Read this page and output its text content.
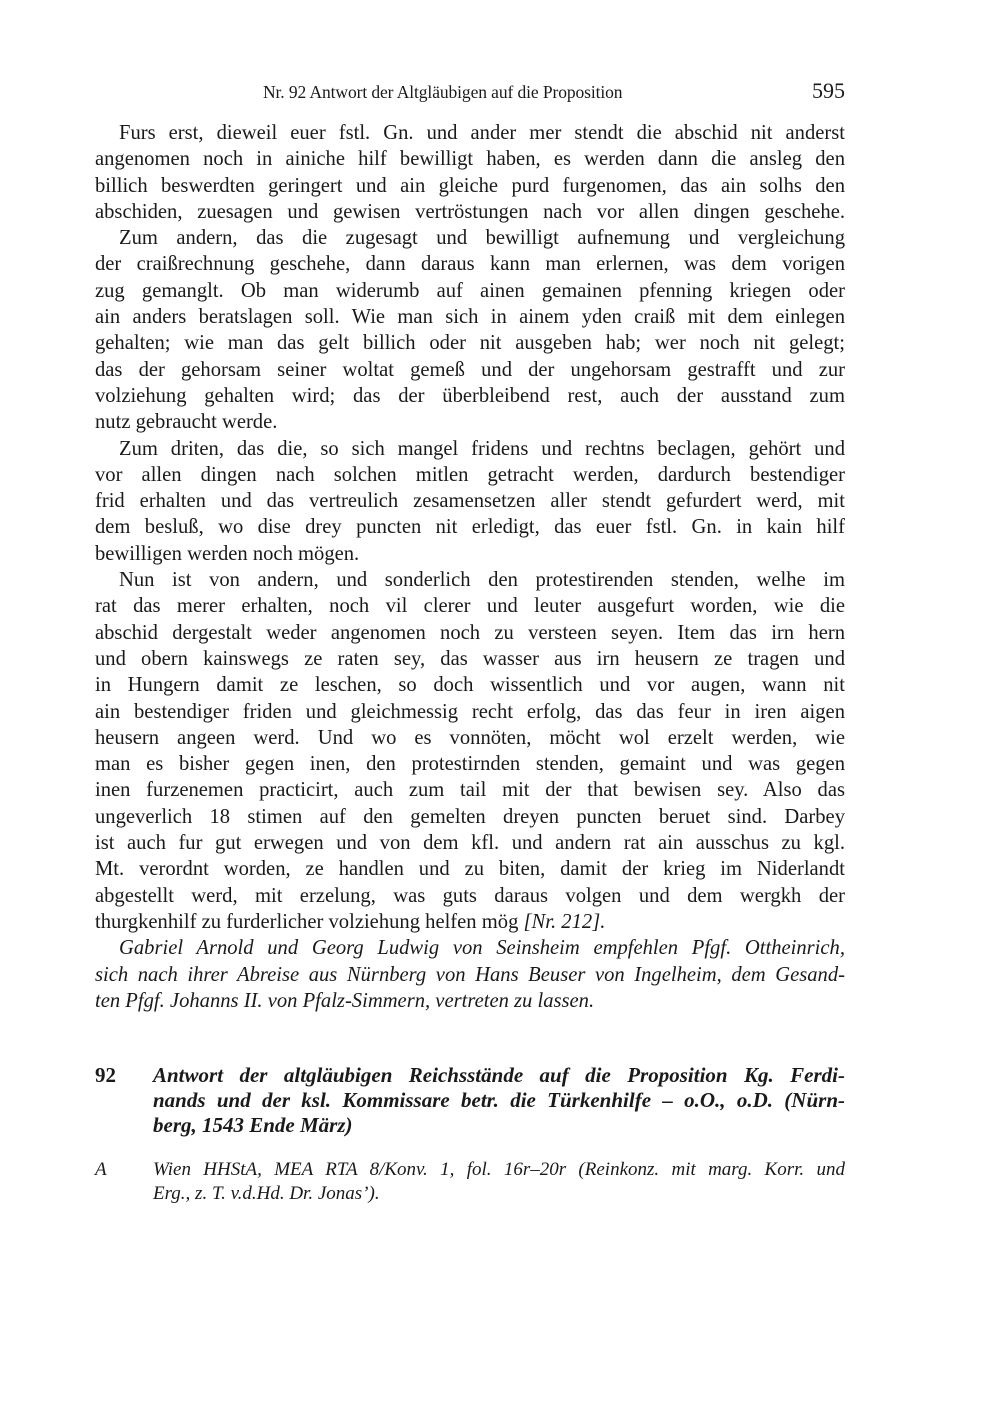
Nr. 92 Antwort der Altgläubigen auf die Proposition	595
Furs erst, dieweil euer fstl. Gn. und ander mer stendt die abschid nit anderst
angenomen noch in ainiche hilf bewilligt haben, es werden dann die ansleg den
billich beswerdten geringert und ain gleiche purd furgenomen, das ain solhs den
abschiden, zuesagen und gewisen vertröstungen nach vor allen dingen geschehe.
Zum andern, das die zugesagt und bewilligt aufnemung und vergleichung
der craißrechnung geschehe, dann daraus kann man erlernen, was dem vorigen
zug gemanglt. Ob man widerumb auf ainen gemainen pfenning kriegen oder
ain anders beratslagen soll. Wie man sich in ainem yden craiß mit dem einlegen
gehalten; wie man das gelt billich oder nit ausgeben hab; wer noch nit gelegt;
das der gehorsam seiner woltat gemeß und der ungehorsam gestrafft und zur
volziehung gehalten wird; das der überbleibend rest, auch der ausstand zum
nutz gebraucht werde.
Zum driten, das die, so sich mangel fridens und rechtns beclagen, gehört und
vor allen dingen nach solchen mitlen getracht werden, dardurch bestendiger
frid erhalten und das vertreulich zesamensetzen aller stendt gefurdert werd, mit
dem besluß, wo dise drey puncten nit erledigt, das euer fstl. Gn. in kain hilf
bewilligen werden noch mögen.
Nun ist von andern, und sonderlich den protestirenden stenden, welhe im
rat das merer erhalten, noch vil clerer und leuter ausgefurt worden, wie die
abschid dergestalt weder angenomen noch zu versteen seyen. Item das irn hern
und obern kainswegs ze raten sey, das wasser aus irn heusern ze tragen und
in Hungern damit ze leschen, so doch wissentlich und vor augen, wann nit
ain bestendiger friden und gleichmessig recht erfolg, das das feur in iren aigen
heusern angeen werd. Und wo es vonnöten, möcht wol erzelt werden, wie
man es bisher gegen inen, den protestirnden stenden, gemaint und was gegen
inen furzenemen practicirt, auch zum tail mit der that bewisen sey. Also das
ungeverlich 18 stimen auf den gemelten dreyen puncten beruet sind. Darbey
ist auch fur gut erwegen und von dem kfl. und andern rat ain ausschus zu kgl.
Mt. verordnt worden, ze handlen und zu biten, damit der krieg im Niderlandt
abgestellt werd, mit erzelung, was guts daraus volgen und dem wergkh der
thurgkenhilf zu furderlicher volziehung helfen mög [Nr. 212].
Gabriel Arnold und Georg Ludwig von Seinsheim empfehlen Pfgf. Ottheinrich,
sich nach ihrer Abreise aus Nürnberg von Hans Beuser von Ingelheim, dem Gesand-
ten Pfgf. Johanns II. von Pfalz-Simmern, vertreten zu lassen.
92 Antwort der altgläubigen Reichsstände auf die Proposition Kg. Ferdi-
nands und der ksl. Kommissare betr. die Türkenhilfe – o.O., o.D. (Nürn-
berg, 1543 Ende März)
A Wien HHStA, MEA RTA 8/Konv. 1, fol. 16r–20r (Reinkonz. mit marg. Korr. und
Erg., z. T. v.d.Hd. Dr. Jonas’).
